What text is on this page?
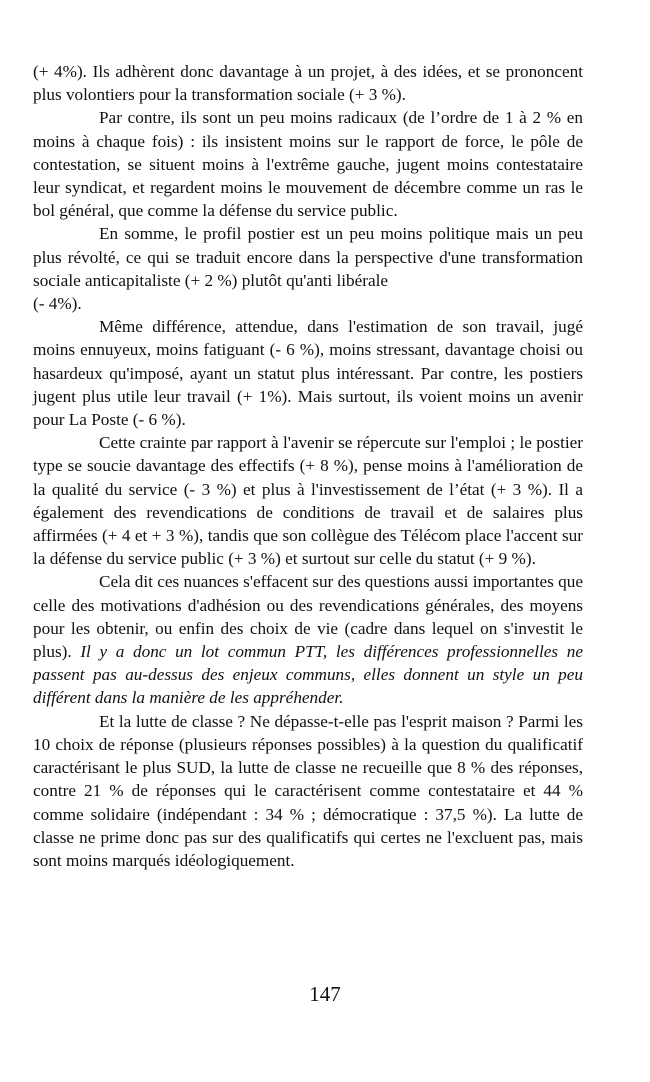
(+ 4%). Ils adhèrent donc davantage à un projet, à des idées, et se prononcent plus volontiers pour la transformation sociale (+ 3 %).

Par contre, ils sont un peu moins radicaux (de l’ordre de 1 à 2 % en moins à chaque fois) : ils insistent moins sur le rapport de force, le pôle de contestation, se situent moins à l'extrême gauche, jugent moins contestataire leur syndicat, et regardent moins le mouvement de décembre comme un ras le bol général, que comme la défense du service public.

En somme, le profil postier est un peu moins politique mais un peu plus révolté, ce qui se traduit encore dans la perspective d'une transformation sociale anticapitaliste (+ 2 %) plutôt qu'anti libérale

(- 4%).

Même différence, attendue, dans l'estimation de son travail, jugé moins ennuyeux, moins fatiguant (- 6 %), moins stressant, davantage choisi ou hasardeux qu'imposé, ayant un statut plus intéressant. Par contre, les postiers jugent plus utile leur travail (+ 1%). Mais surtout, ils voient moins un avenir pour La Poste (- 6 %).

Cette crainte par rapport à l'avenir se répercute sur l'emploi ; le postier type se soucie davantage des effectifs (+ 8 %), pense moins à l'amélioration de la qualité du service (- 3 %) et plus à l'investissement de l’état (+ 3 %). Il a également des revendications de conditions de travail et de salaires plus affirmées (+ 4 et + 3 %), tandis que son collègue des Télécom place l'accent sur la défense du service public (+ 3 %) et surtout sur celle du statut (+ 9 %).

Cela dit ces nuances s'effacent sur des questions aussi importantes que celle des motivations d'adhésion ou des revendications générales, des moyens pour les obtenir, ou enfin des choix de vie (cadre dans lequel on s'investit le plus). Il y a donc un lot commun PTT, les différences professionnelles ne passent pas au-dessus des enjeux communs, elles donnent un style un peu différent dans la manière de les appréhender.

Et la lutte de classe ? Ne dépasse-t-elle pas l'esprit maison ? Parmi les 10 choix de réponse (plusieurs réponses possibles) à la question du qualificatif caractérisant le plus SUD, la lutte de classe ne recueille que 8 % des réponses, contre 21 % de réponses qui le caractérisent comme contestataire et 44 % comme solidaire (indépendant : 34 % ; démocratique : 37,5 %). La lutte de classe ne prime donc pas sur des qualificatifs qui certes ne l'excluent pas, mais sont moins marqués idéologiquement.

147
